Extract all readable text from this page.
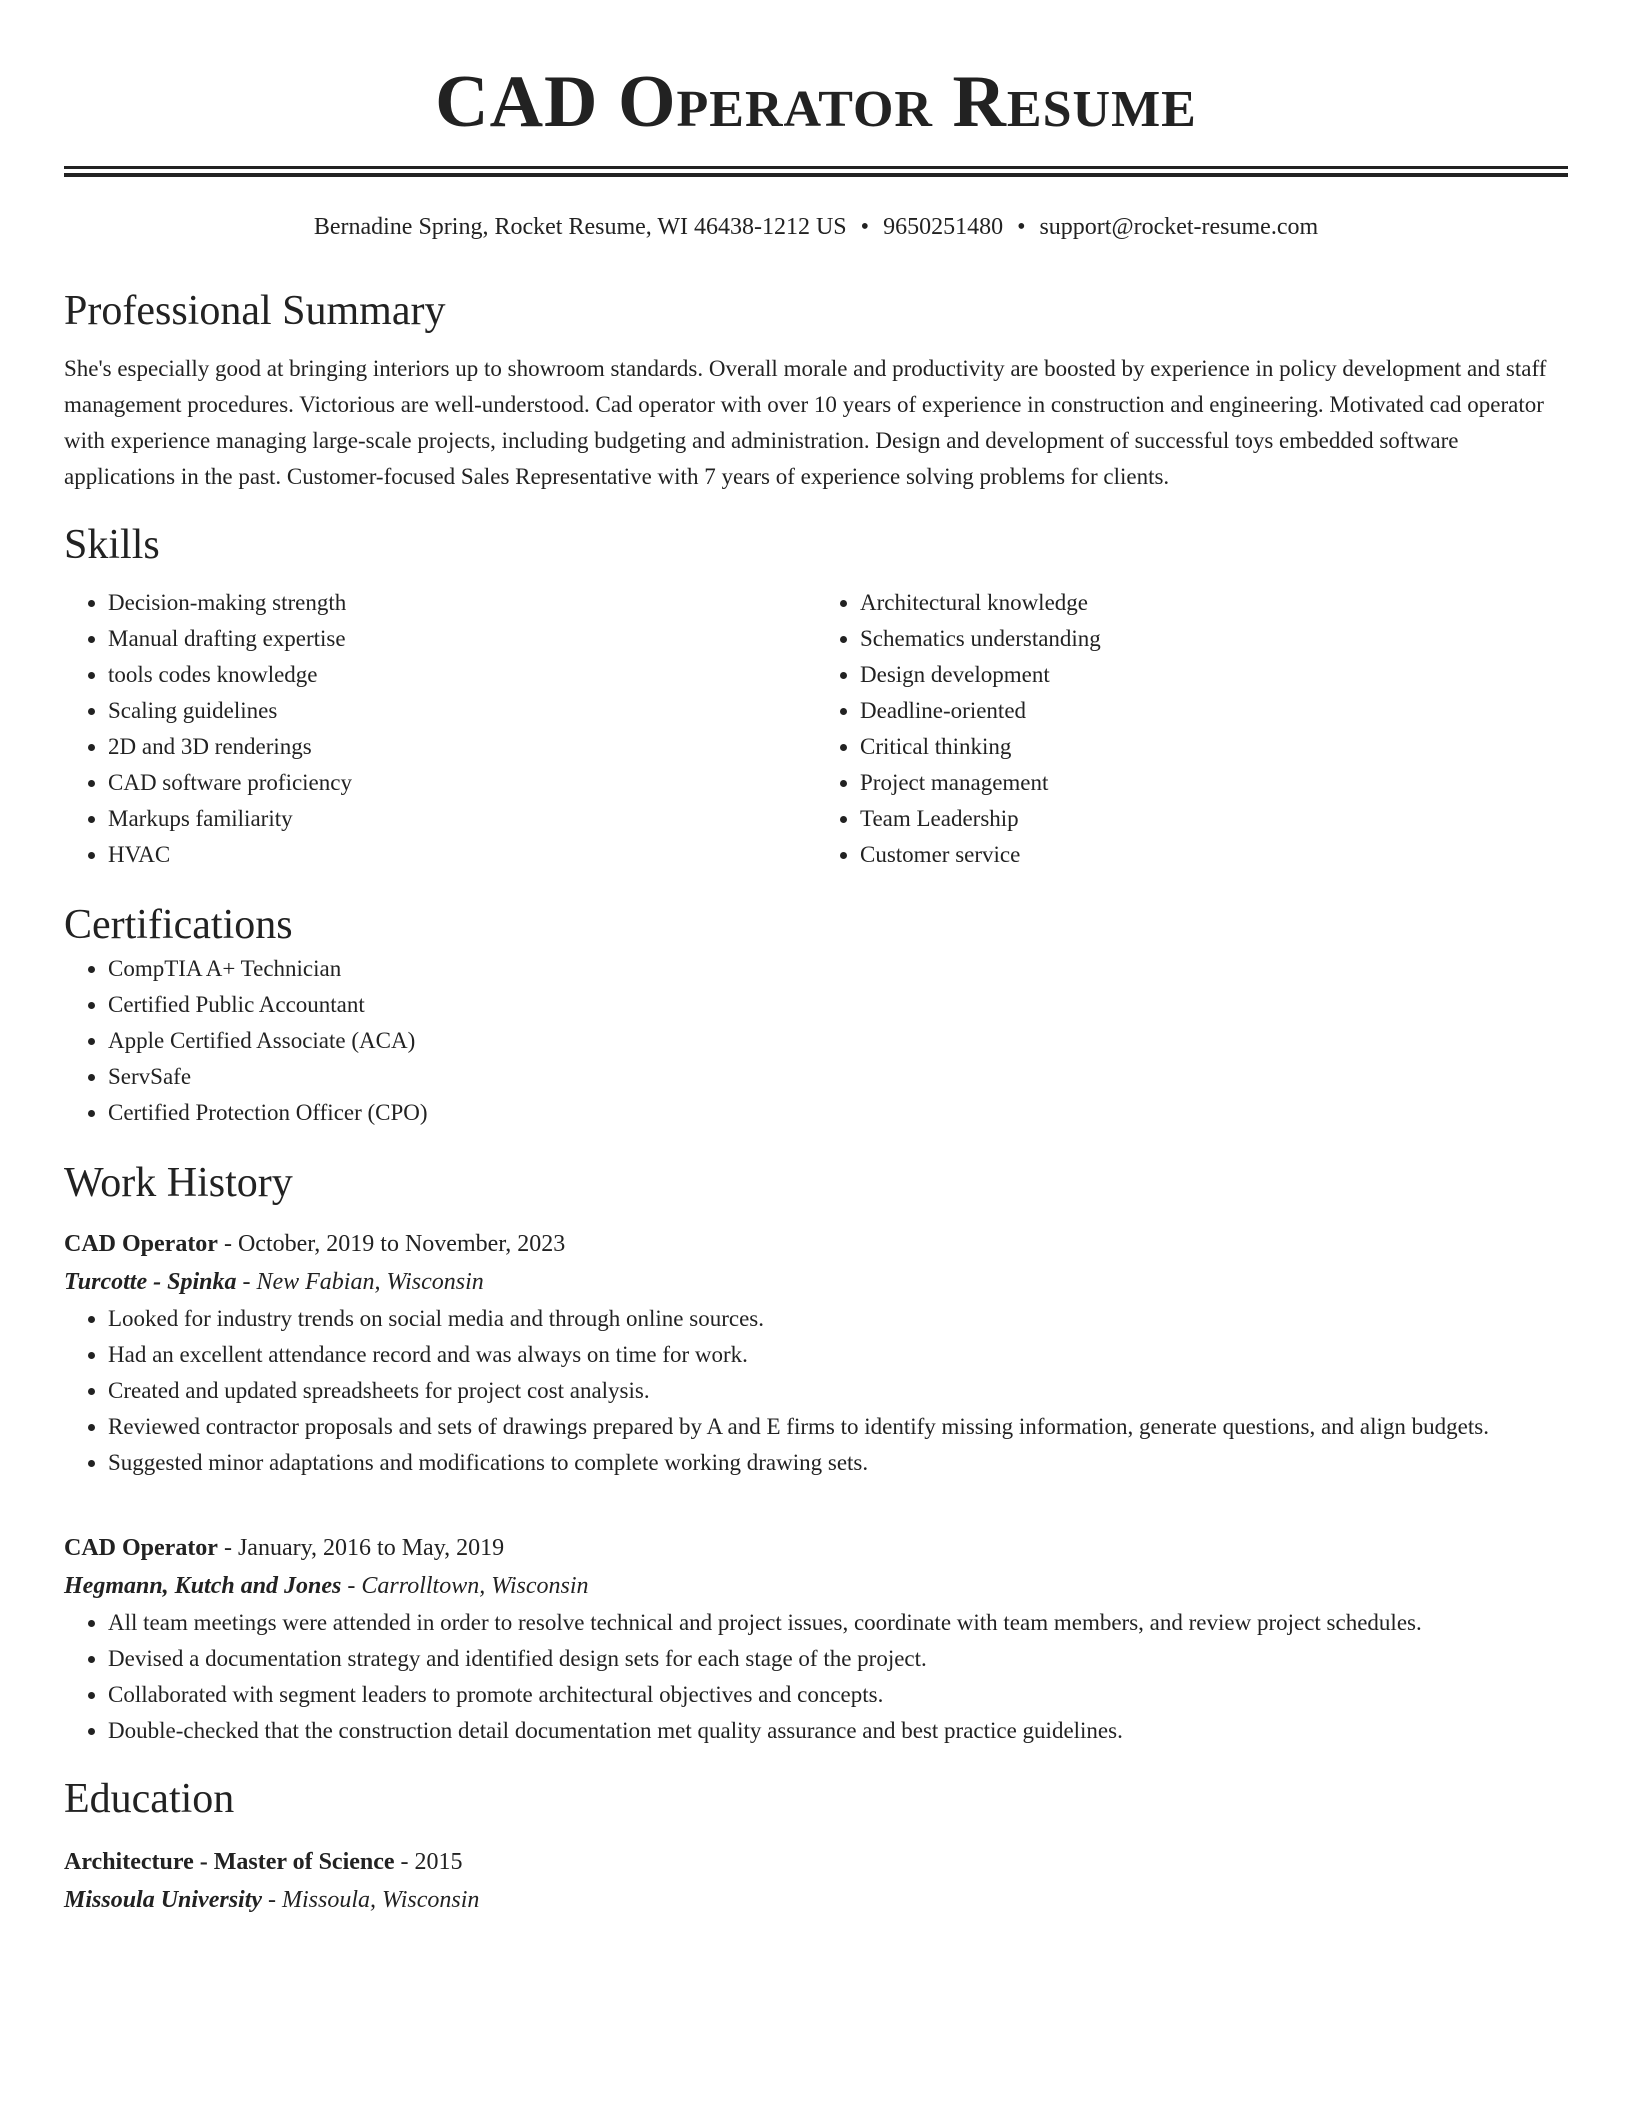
CAD Operator Resume
Bernadine Spring, Rocket Resume, WI 46438-1212 US • 9650251480 • support@rocket-resume.com
Professional Summary

She's especially good at bringing interiors up to showroom standards. Overall morale and productivity are boosted by experience in policy development and staff management procedures. Victorious are well-understood. Cad operator with over 10 years of experience in construction and engineering. Motivated cad operator with experience managing large-scale projects, including budgeting and administration. Design and development of successful toys embedded software applications in the past. Customer-focused Sales Representative with 7 years of experience solving problems for clients.

Skills
• Decision-making strength
• Manual drafting expertise
• tools codes knowledge
• Scaling guidelines
• 2D and 3D renderings
• CAD software proficiency
• Markups familiarity
• HVAC
• Architectural knowledge
• Schematics understanding
• Design development
• Deadline-oriented
• Critical thinking
• Project management
• Team Leadership
• Customer service
Certifications
• CompTIA A+ Technician
• Certified Public Accountant
• Apple Certified Associate (ACA)
• ServSafe
• Certified Protection Officer (CPO)
Work History
CAD Operator - October, 2019 to November, 2023
Turcotte - Spinka - New Fabian, Wisconsin
• Looked for industry trends on social media and through online sources.
• Had an excellent attendance record and was always on time for work.
• Created and updated spreadsheets for project cost analysis.
• Reviewed contractor proposals and sets of drawings prepared by A and E firms to identify missing information, generate questions, and align budgets.
• Suggested minor adaptations and modifications to complete working drawing sets.
CAD Operator - January, 2016 to May, 2019
Hegmann, Kutch and Jones - Carrolltown, Wisconsin
• All team meetings were attended in order to resolve technical and project issues, coordinate with team members, and review project schedules.
• Devised a documentation strategy and identified design sets for each stage of the project.
• Collaborated with segment leaders to promote architectural objectives and concepts.
• Double-checked that the construction detail documentation met quality assurance and best practice guidelines.
Education
Architecture - Master of Science - 2015
Missoula University - Missoula, Wisconsin
